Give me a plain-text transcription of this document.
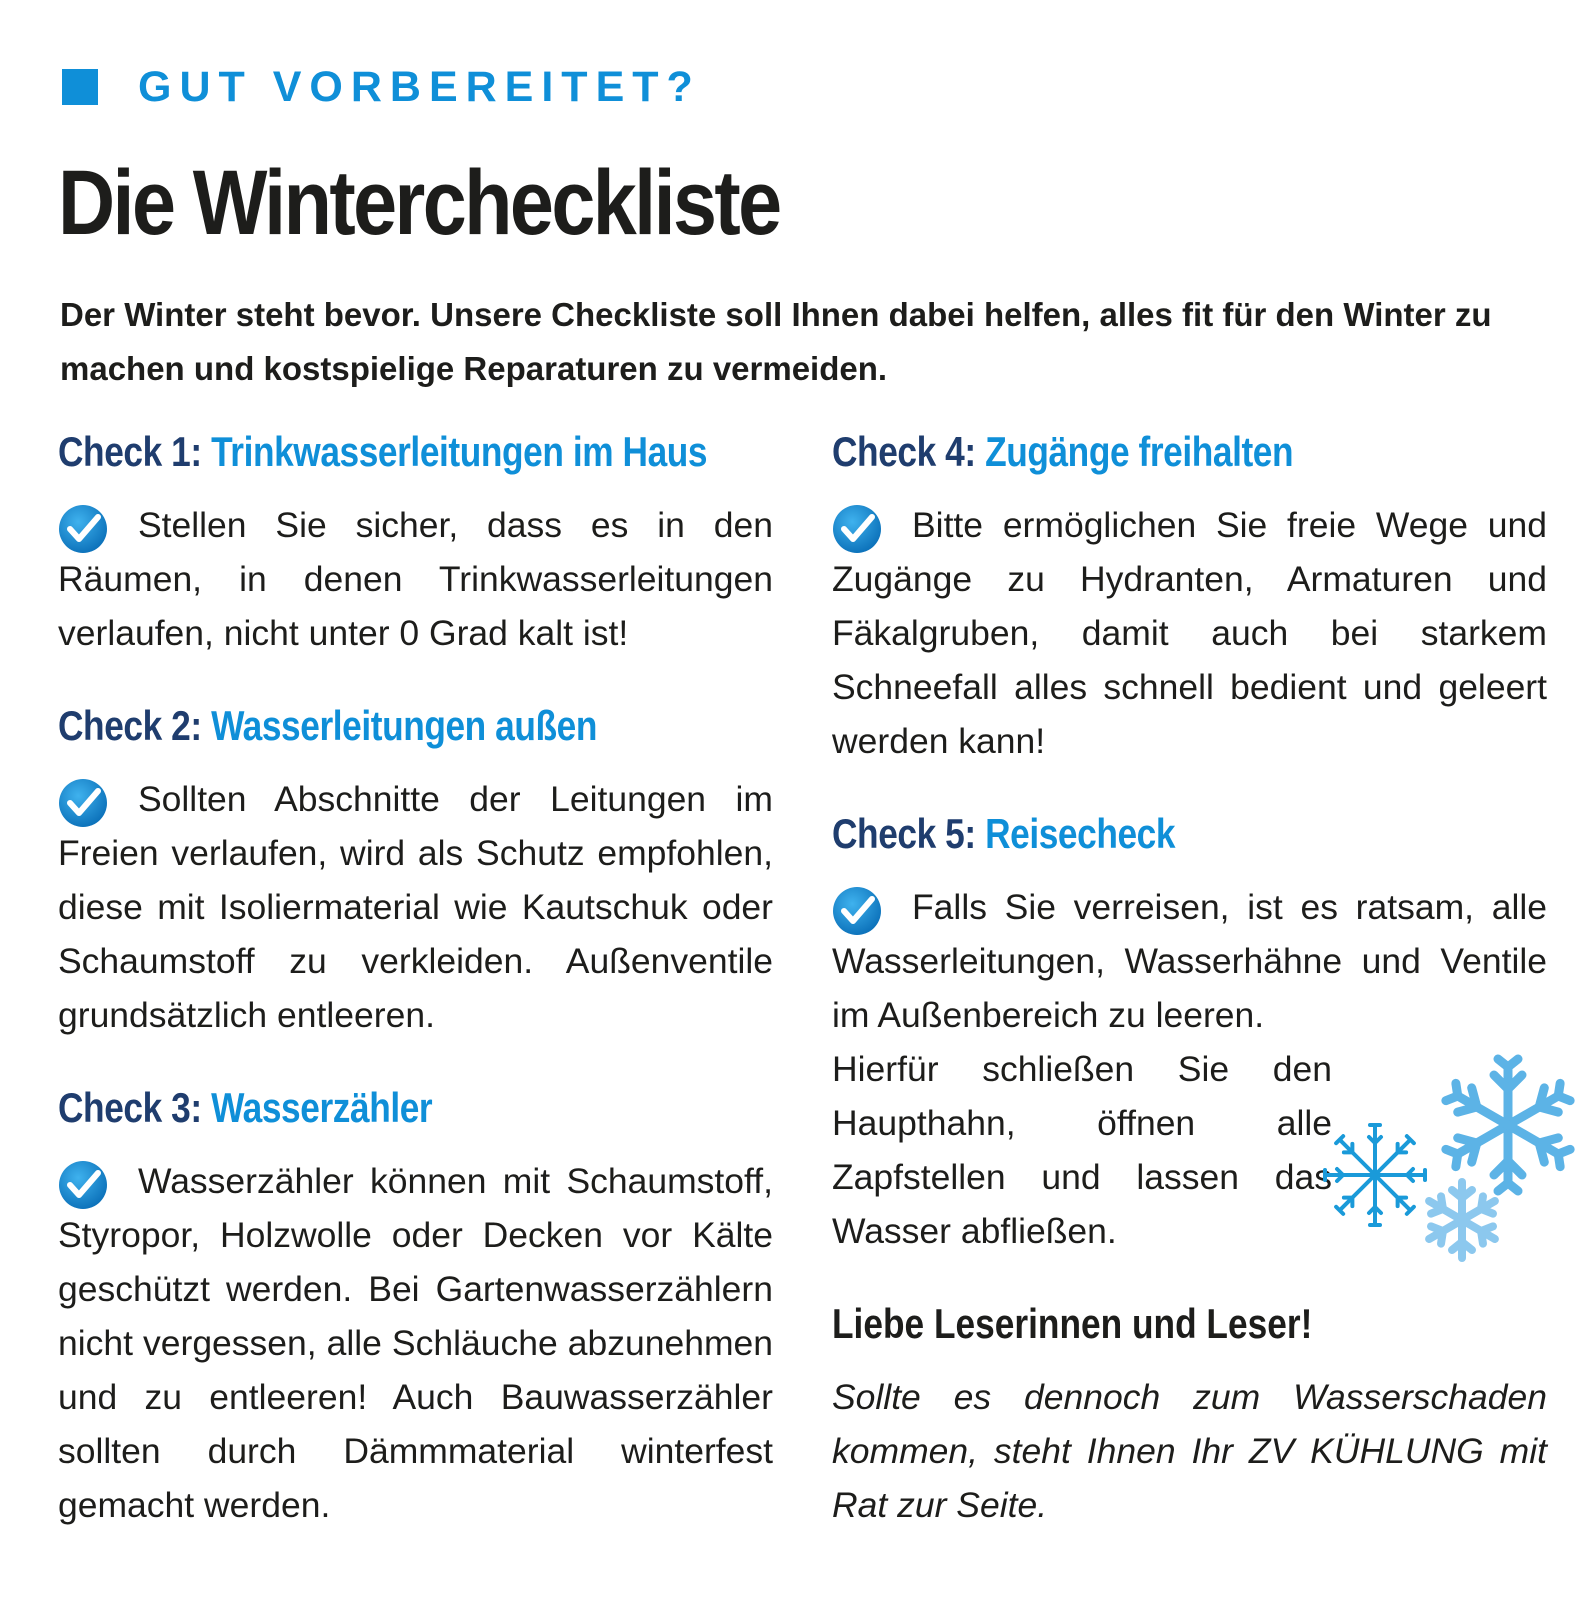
GUT VORBEREITET?
Die Wintercheckliste

Der Winter steht bevor. Unsere Checkliste soll Ihnen dabei helfen, alles fit für den Winter zu machen und kostspielige Reparaturen zu vermeiden.

Check 1: Trinkwasserleitungen im Haus

Stellen Sie sicher, dass es in den Räumen, in denen Trinkwasserleitungen verlaufen, nicht unter 0 Grad kalt ist!

Check 2: Wasserleitungen außen

Sollten Abschnitte der Leitungen im Freien verlaufen, wird als Schutz empfohlen, diese mit Isoliermaterial wie Kautschuk oder Schaumstoff zu verkleiden. Außenventile grundsätzlich entleeren.

Check 3: Wasserzähler

Wasserzähler können mit Schaumstoff, Styropor, Holzwolle oder Decken vor Kälte geschützt werden. Bei Gartenwasserzählern nicht vergessen, alle Schläuche abzunehmen und zu entleeren! Auch Bauwasserzähler sollten durch Dämmmaterial winterfest gemacht werden.

Check 4: Zugänge freihalten

Bitte ermöglichen Sie freie Wege und Zugänge zu Hydranten, Armaturen und Fäkalgruben, damit auch bei starkem Schneefall alles schnell bedient und geleert werden kann!

Check 5: Reisecheck

Falls Sie verreisen, ist es ratsam, alle Wasserleitungen, Wasserhähne und Ventile im Außenbereich zu leeren.

Hierfür schließen Sie den Haupthahn, öffnen alle Zapfstellen und lassen das Wasser abfließen.

Liebe Leserinnen und Leser!

Sollte es dennoch zum Wasserschaden kommen, steht Ihnen Ihr ZV KÜHLUNG mit Rat zur Seite.
